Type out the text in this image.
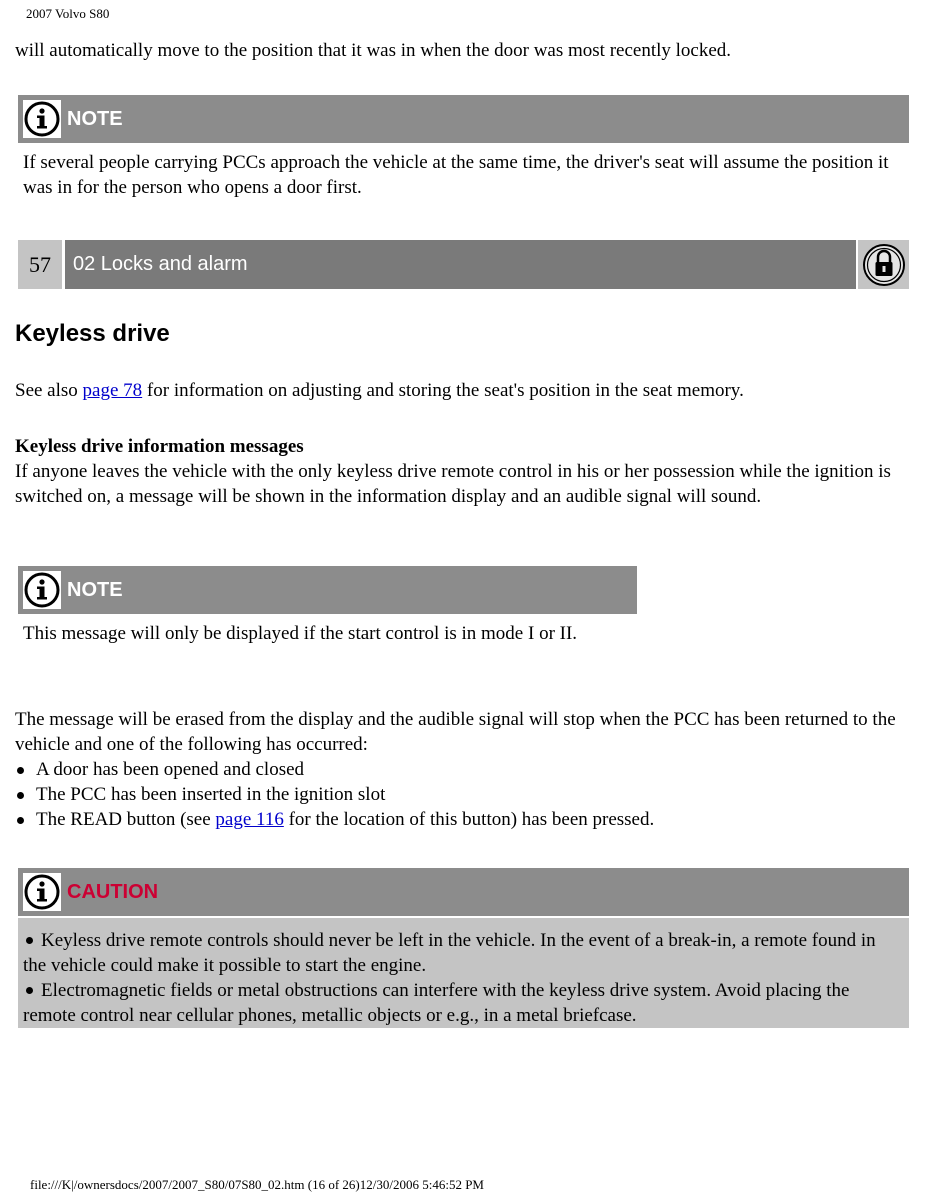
2007 Volvo S80
will automatically move to the position that it was in when the door was most recently locked.
NOTE
If several people carrying PCCs approach the vehicle at the same time, the driver's seat will assume the position it was in for the person who opens a door first.
57	02 Locks and alarm
Keyless drive
See also page 78 for information on adjusting and storing the seat's position in the seat memory.
Keyless drive information messages
If anyone leaves the vehicle with the only keyless drive remote control in his or her possession while the ignition is switched on, a message will be shown in the information display and an audible signal will sound.
NOTE
This message will only be displayed if the start control is in mode I or II.
The message will be erased from the display and the audible signal will stop when the PCC has been returned to the vehicle and one of the following has occurred:
A door has been opened and closed
The PCC has been inserted in the ignition slot
The READ button (see page 116 for the location of this button) has been pressed.
CAUTION

Keyless drive remote controls should never be left in the vehicle. In the event of a break-in, a remote found in the vehicle could make it possible to start the engine.

Electromagnetic fields or metal obstructions can interfere with the keyless drive system. Avoid placing the remote control near cellular phones, metallic objects or e.g., in a metal briefcase.

file:///K|/ownersdocs/2007/2007_S80/07S80_02.htm (16 of 26)12/30/2006 5:46:52 PM
